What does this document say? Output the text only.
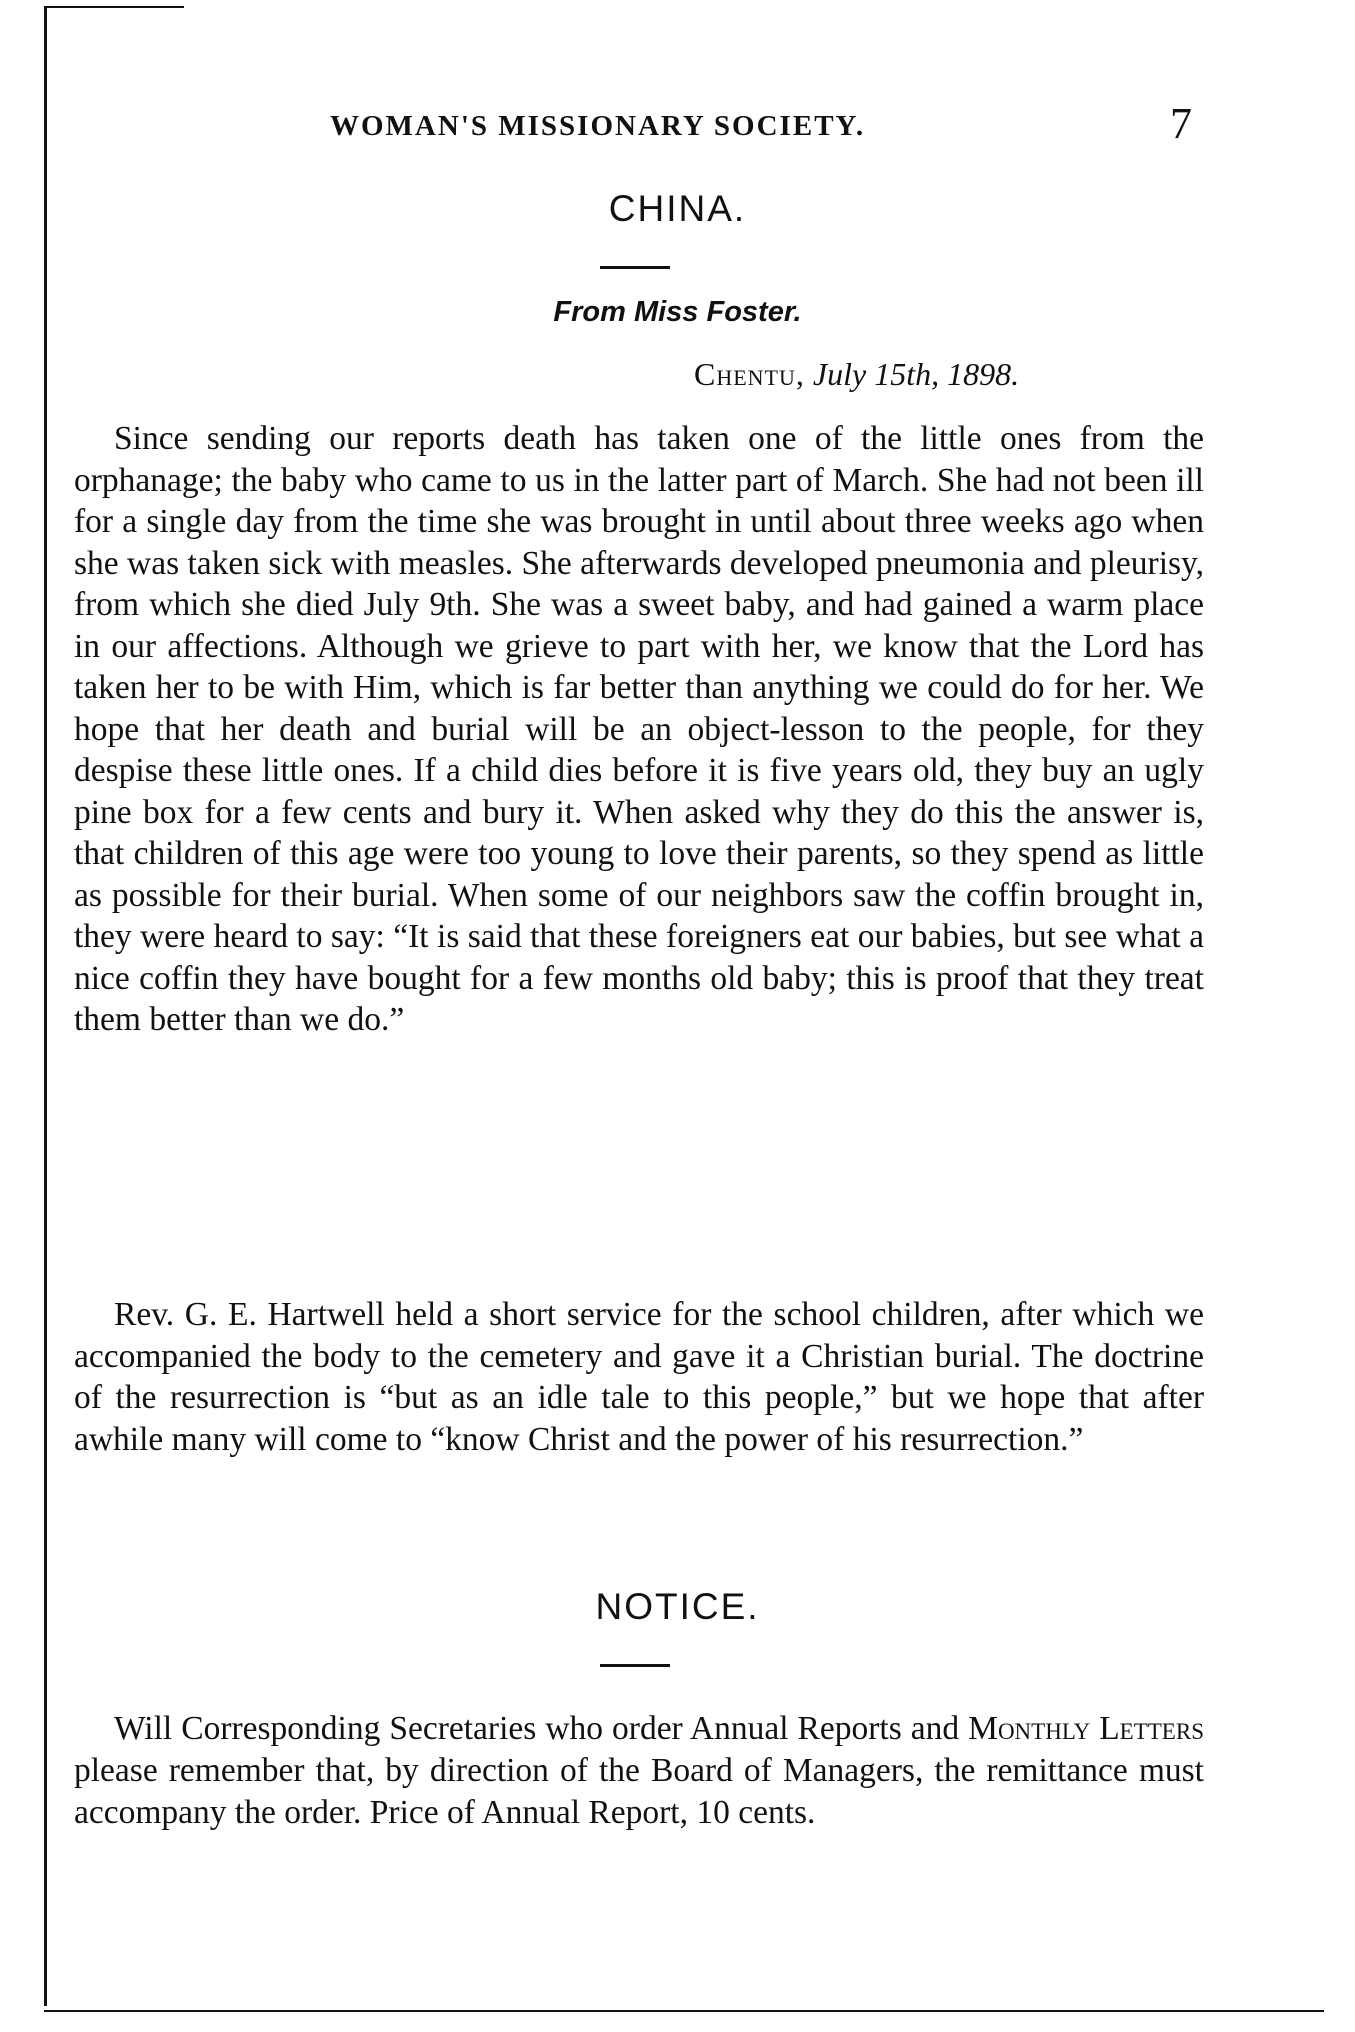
WOMAN'S MISSIONARY SOCIETY.	7
CHINA.
From Miss Foster.
Chentu, July 15th, 1898.

Since sending our reports death has taken one of the little ones from the orphanage; the baby who came to us in the latter part of March. She had not been ill for a single day from the time she was brought in until about three weeks ago when she was taken sick with measles. She afterwards developed pneumonia and pleurisy, from which she died July 9th. She was a sweet baby, and had gained a warm place in our affections. Although we grieve to part with her, we know that the Lord has taken her to be with Him, which is far better than anything we could do for her. We hope that her death and burial will be an object-lesson to the people, for they despise these little ones. If a child dies before it is five years old, they buy an ugly pine box for a few cents and bury it. When asked why they do this the answer is, that children of this age were too young to love their parents, so they spend as little as possible for their burial. When some of our neighbors saw the coffin brought in, they were heard to say: “It is said that these foreigners eat our babies, but see what a nice coffin they have bought for a few months old baby; this is proof that they treat them better than we do.”

Rev. G. E. Hartwell held a short service for the school children, after which we accompanied the body to the cemetery and gave it a Christian burial. The doctrine of the resurrection is “but as an idle tale to this people,” but we hope that after awhile many will come to “know Christ and the power of his resurrection.”

NOTICE.

Will Corresponding Secretaries who order Annual Reports and Monthly Letters please remember that, by direction of the Board of Managers, the remittance must accompany the order. Price of Annual Report, 10 cents.
